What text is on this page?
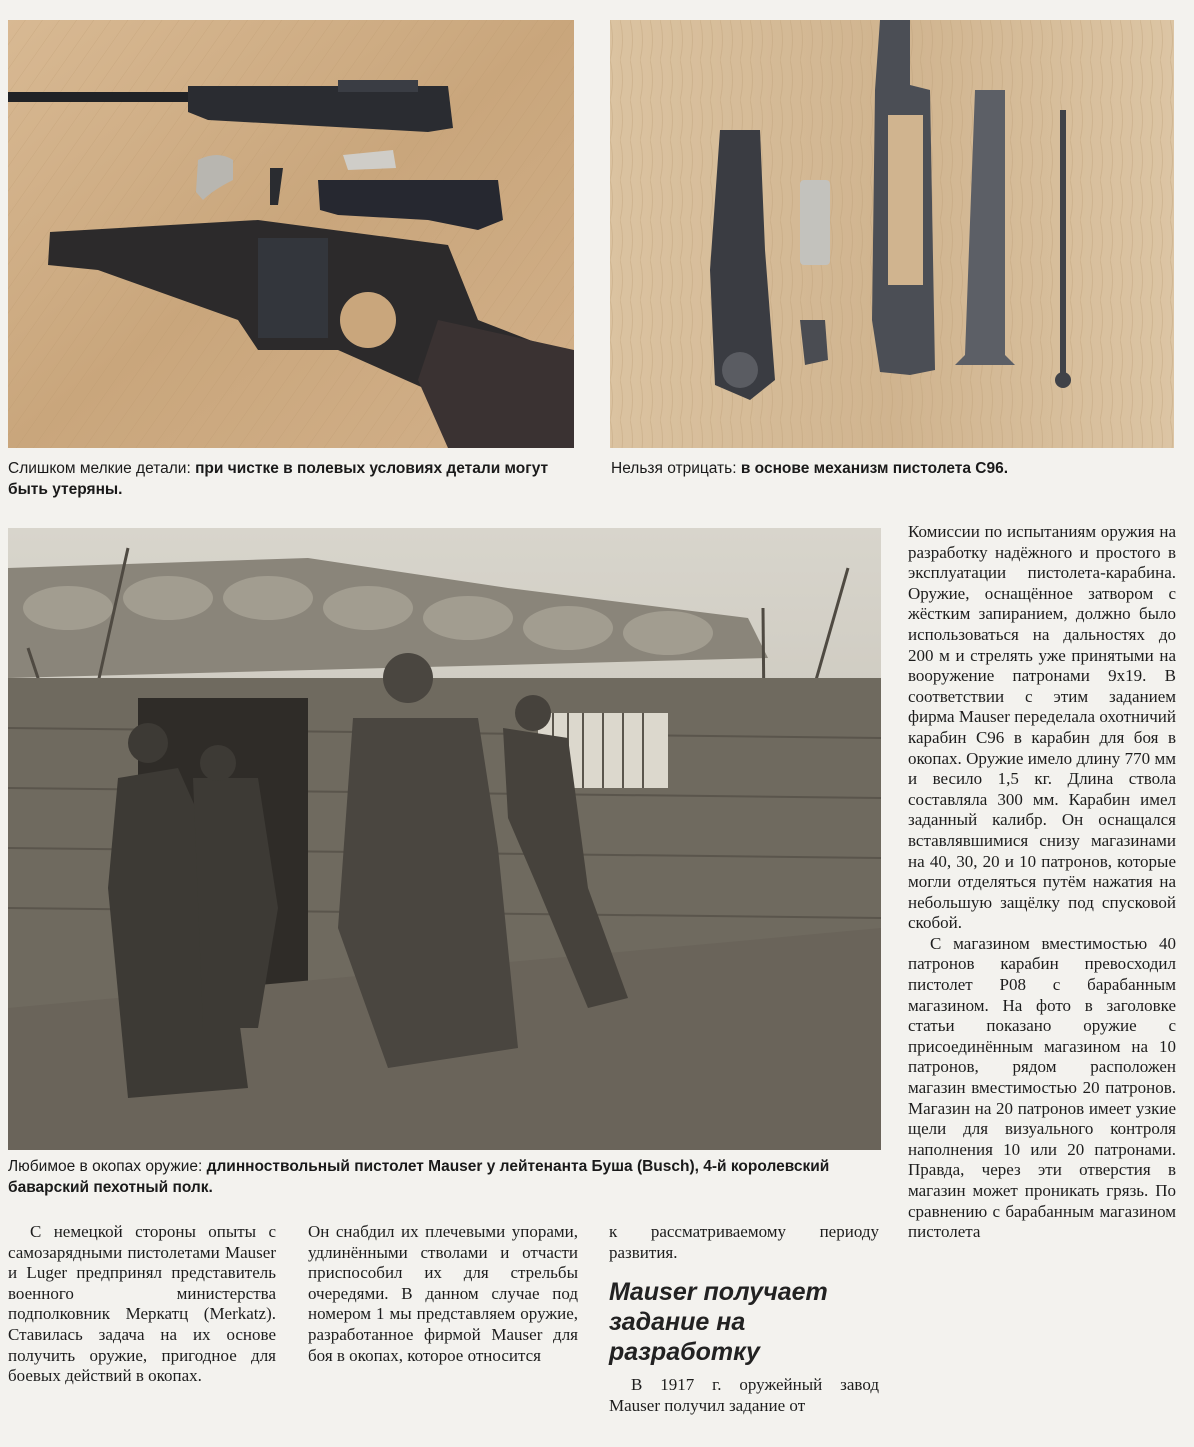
Слишком мелкие детали: при чистке в полевых условиях детали могут быть утеряны.
Нельзя отрицать: в основе механизм пистолета С96.
Любимое в окопах оружие: длинноствольный пистолет Mauser у лейтенанта Буша (Busch), 4-й королевский баварский пехотный полк.

Комиссии по испытаниям оружия на разработку надёжного и простого в эксплуатации пистолета-карабина. Оружие, оснащённое затвором с жёстким запиранием, должно было использоваться на дальностях до 200 м и стрелять уже принятыми на вооружение патронами 9x19. В соответствии с этим заданием фирма Mauser переделала охотничий карабин С96 в карабин для боя в окопах. Оружие имело длину 770 мм и весило 1,5 кг. Длина ствола составляла 300 мм. Карабин имел заданный калибр. Он оснащался вставлявшимися снизу магазинами на 40, 30, 20 и 10 патронов, которые могли отделяться путём нажатия на небольшую защёлку под спусковой скобой.

С магазином вместимостью 40 патронов карабин превосходил пистолет Р08 с барабанным магазином. На фото в заголовке статьи показано оружие с присоединённым магазином на 10 патронов, рядом расположен магазин вместимостью 20 патронов. Магазин на 20 патронов имеет узкие щели для визуального контроля наполнения 10 или 20 патронами. Правда, через эти отверстия в магазин может проникать грязь. По сравнению с барабанным магазином пистолета

С немецкой стороны опыты с самозарядными пистолетами Mauser и Luger предпринял представитель военного министерства подполковник Меркатц (Merkatz). Ставилась задача на их основе получить оружие, пригодное для боевых действий в окопах.

Он снабдил их плечевыми упорами, удлинёнными стволами и отчасти приспособил их для стрельбы очередями. В данном случае под номером 1 мы представляем оружие, разработанное фирмой Mauser для боя в окопах, которое относится

к рассматриваемому периоду развития.

Mauser получает задание на разработку

В 1917 г. оружейный завод Mauser получил задание от
